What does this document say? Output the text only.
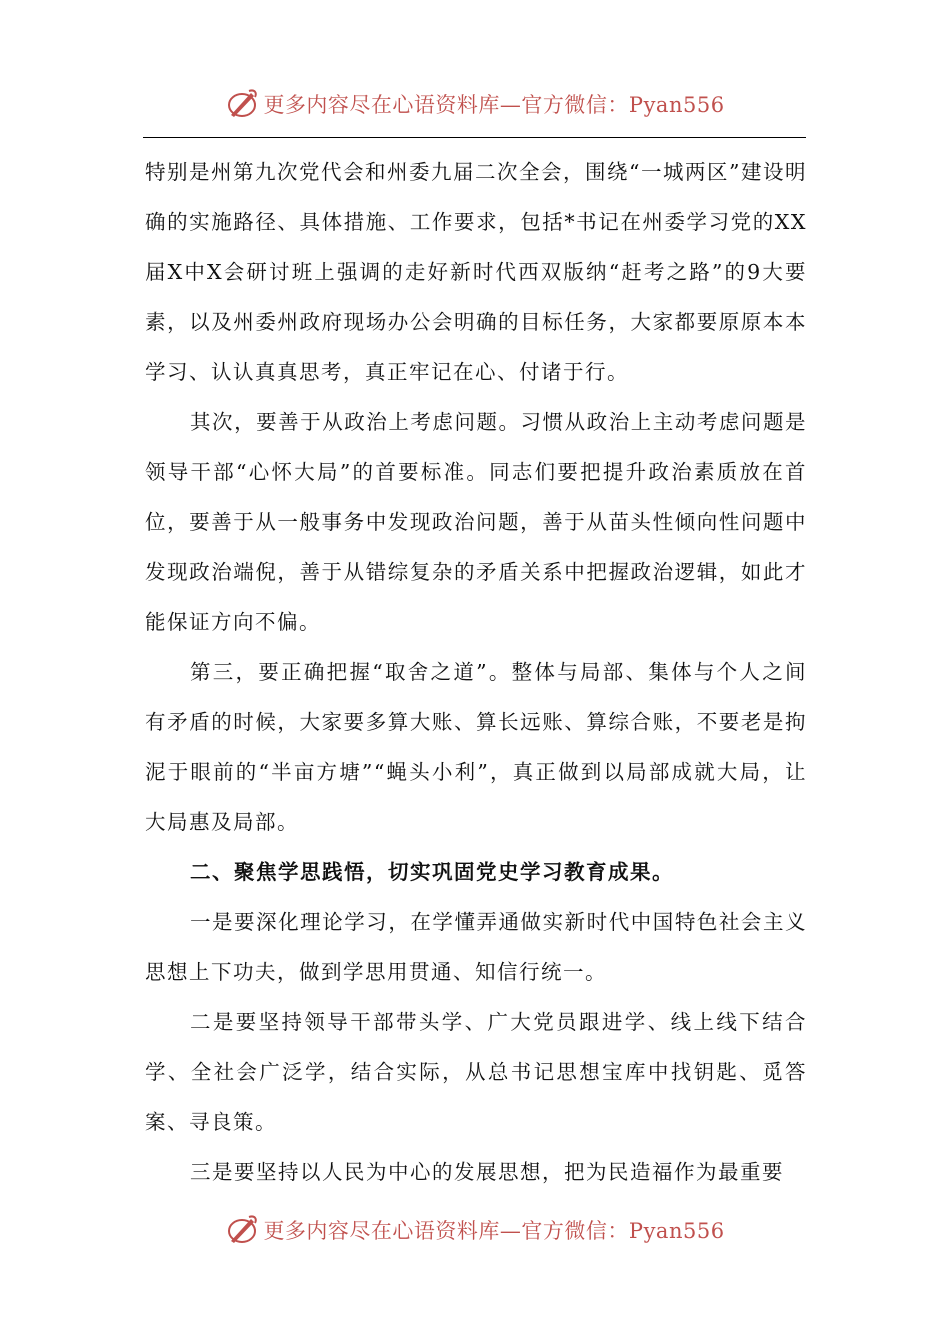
更多内容尽在心语资料库—官方微信：Pyan556

特别是州第九次党代会和州委九届二次全会，围绕“一城两区”建设明确的实施路径、具体措施、工作要求，包括*书记在州委学习党的XX届X中X会研讨班上强调的走好新时代西双版纳“赶考之路”的9大要素，以及州委州政府现场办公会明确的目标任务，大家都要原原本本学习、认认真真思考，真正牢记在心、付诸于行。

其次，要善于从政治上考虑问题。习惯从政治上主动考虑问题是领导干部“心怀大局”的首要标准。同志们要把提升政治素质放在首位，要善于从一般事务中发现政治问题，善于从苗头性倾向性问题中发现政治端倪，善于从错综复杂的矛盾关系中把握政治逻辑，如此才能保证方向不偏。

第三，要正确把握“取舍之道”。整体与局部、集体与个人之间有矛盾的时候，大家要多算大账、算长远账、算综合账，不要老是拘泥于眼前的“半亩方塘”“蝇头小利”，真正做到以局部成就大局，让大局惠及局部。

二、聚焦学思践悟，切实巩固党史学习教育成果。

一是要深化理论学习，在学懂弄通做实新时代中国特色社会主义思想上下功夫，做到学思用贯通、知信行统一。

二是要坚持领导干部带头学、广大党员跟进学、线上线下结合学、全社会广泛学，结合实际，从总书记思想宝库中找钥匙、觅答案、寻良策。

三是要坚持以人民为中心的发展思想，把为民造福作为最重要

更多内容尽在心语资料库—官方微信：Pyan556
